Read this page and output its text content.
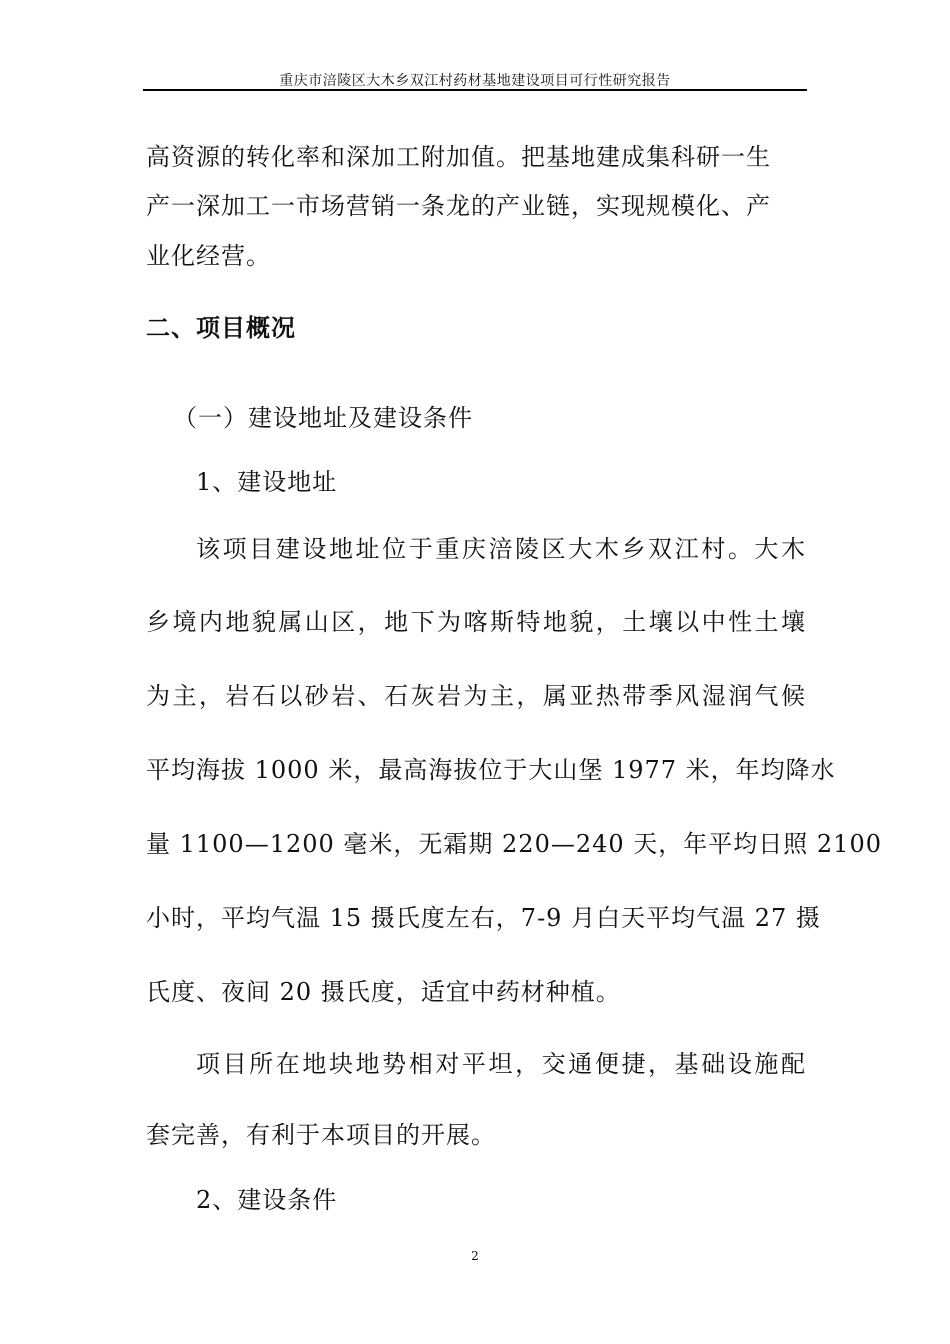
重庆市涪陵区大木乡双江村药材基地建设项目可行性研究报告
高资源的转化率和深加工附加值。把基地建成集科研一生
产一深加工一市场营销一条龙的产业链，实现规模化、产
业化经营。
二、项目概况
（一）建设地址及建设条件
1、建设地址
该项目建设地址位于重庆涪陵区大木乡双江村。大木
乡境内地貌属山区，地下为喀斯特地貌，土壤以中性土壤
为主，岩石以砂岩、石灰岩为主，属亚热带季风湿润气候
平均海拔 1000 米，最高海拔位于大山堡 1977 米，年均降水
量 1100—1200 毫米，无霜期 220—240 天，年平均日照 2100
小时，平均气温 15 摄氏度左右，7-9 月白天平均气温 27 摄
氏度、夜间 20 摄氏度，适宜中药材种植。
项目所在地块地势相对平坦，交通便捷，基础设施配
套完善，有利于本项目的开展。
2、建设条件
2
